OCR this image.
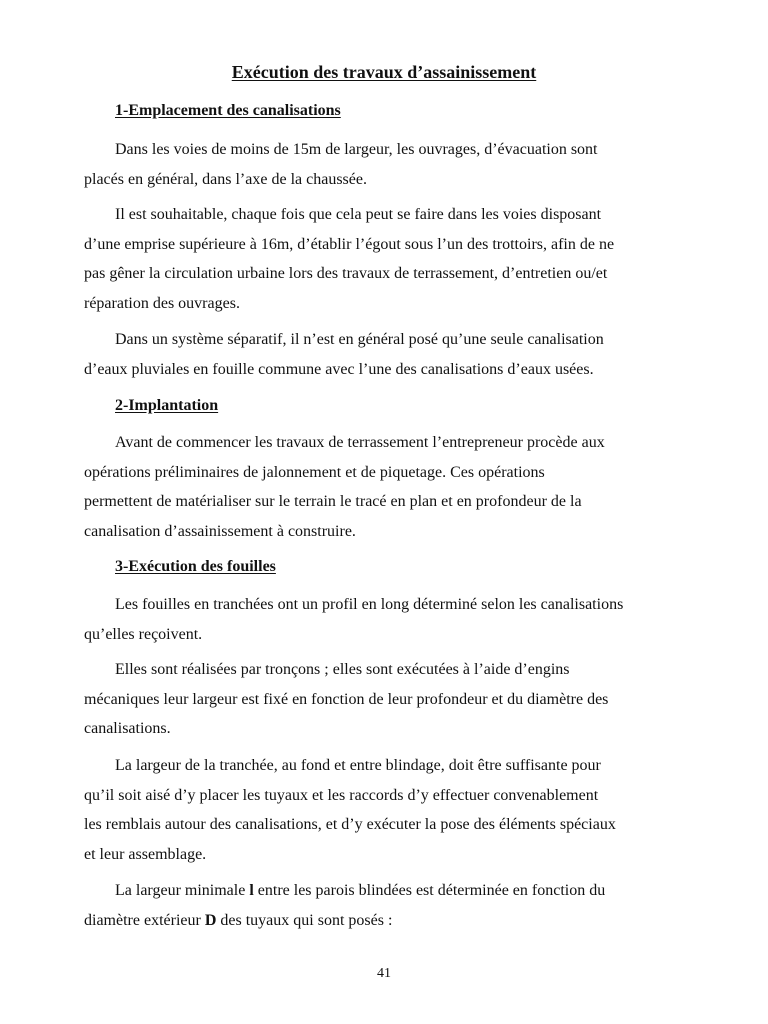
Exécution des travaux d’assainissement
1-Emplacement des canalisations
Dans les voies de moins de 15m de largeur, les ouvrages, d’évacuation sont
placés en général, dans l’axe de la chaussée.
Il est souhaitable, chaque fois que cela peut se faire dans les voies disposant
d’une emprise supérieure à 16m, d’établir l’égout sous l’un des trottoirs, afin de ne
pas gêner la circulation urbaine lors des travaux de terrassement, d’entretien ou/et
réparation des ouvrages.
Dans un système séparatif, il n’est en général posé qu’une seule canalisation
d’eaux pluviales en fouille commune avec l’une des canalisations d’eaux usées.
2-Implantation
Avant de commencer les travaux de terrassement l’entrepreneur procède aux
opérations préliminaires de jalonnement et de piquetage. Ces opérations
permettent de matérialiser sur le terrain le tracé en plan et en profondeur de la
canalisation d’assainissement à construire.
3-Exécution des fouilles
Les fouilles en tranchées ont un profil en long déterminé selon les canalisations
qu’elles reçoivent.
Elles sont réalisées par tronçons ; elles sont exécutées à l’aide d’engins
mécaniques leur largeur est fixé en fonction de leur profondeur et du diamètre des
canalisations.
La largeur de la tranchée, au fond et entre blindage, doit être suffisante pour
qu’il soit aisé d’y placer les tuyaux et les raccords d’y effectuer convenablement
les remblais autour des canalisations, et d’y exécuter la pose des éléments spéciaux
et leur assemblage.
La largeur minimale l entre les parois blindées est déterminée en fonction du
diamètre extérieur D des tuyaux qui sont posés :
41
